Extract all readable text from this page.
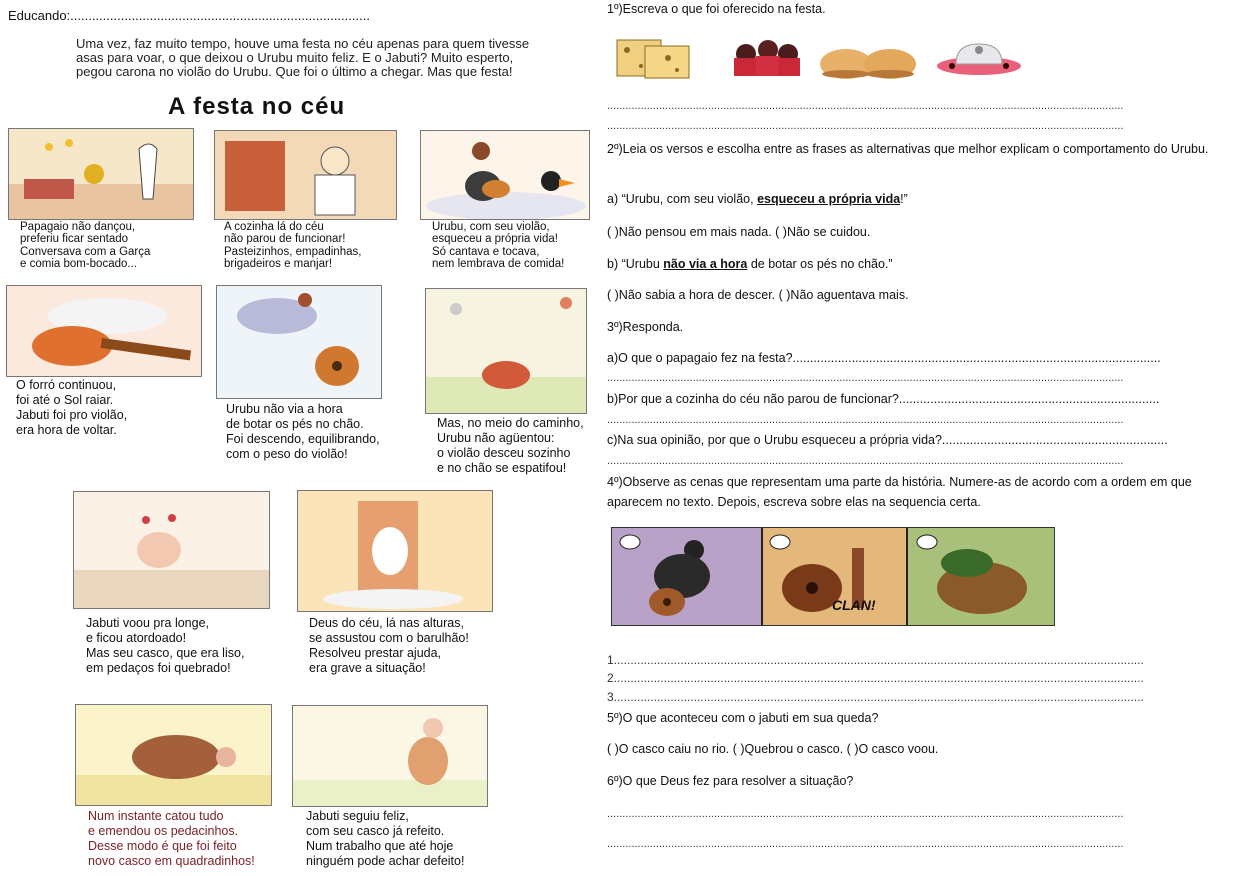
Educando:...................................................................................
Uma vez, faz muito tempo, houve uma festa no céu apenas para quem tivesse asas para voar, o que deixou o Urubu muito feliz. E o Jabuti? Muito esperto, pegou carona no violão do Urubu. Que foi o último a chegar. Mas que festa!
A festa no céu
Papagaio não dançou,
preferiu ficar sentado
Conversava com a Garça
e comia bom-bocado...
A cozinha lá do céu
não parou de funcionar!
Pasteizinhos, empadinhas,
brigadeiros e manjar!
Urubu, com seu violão,
esqueceu a própria vida!
Só cantava e tocava,
nem lembrava de comida!
O forró continuou,
foi até o Sol raiar.
Jabuti foi pro violão,
era hora de voltar.
Urubu não via a hora
de botar os pés no chão.
Foi descendo, equilibrando,
com o peso do violão!
Mas, no meio do caminho,
Urubu não agüentou:
o violão desceu sozinho
e no chão se espatifou!
Jabuti voou pra longe,
e ficou atordoado!
Mas seu casco, que era liso,
em pedaços foi quebrado!
Deus do céu, lá nas alturas,
se assustou com o barulhão!
Resolveu prestar ajuda,
era grave a situação!
Num instante catou tudo
e emendou os pedacinhos.
Desse modo é que foi feito
novo casco em quadradinhos!
Jabuti seguiu feliz,
com seu casco já refeito.
Num trabalho que até hoje
ninguém pode achar defeito!
1º)Escreva o que foi oferecido na festa.
.........................................................................................................................................................................
.........................................................................................................................................................................
2º)Leia os versos e escolha entre as frases as alternativas que melhor explicam o comportamento do Urubu.
a) “Urubu, com seu violão, esqueceu a própria vida!”
( )Não pensou em mais nada. ( )Não se cuidou.
b) “Urubu não via a hora de botar os pés no chão.”
( )Não sabia a hora de descer. ( )Não aguentava mais.
3º)Responda.
a)O que o papagaio fez na festa?..........................................................................................................
.........................................................................................................................................................................
b)Por que a cozinha do céu não parou de funcionar?...........................................................................
.........................................................................................................................................................................
c)Na sua opinião, por que o Urubu esqueceu a própria vida?.................................................................
.........................................................................................................................................................................
4º)Observe as cenas que representam uma parte da história. Numere-as de acordo com a ordem em que aparecem no texto. Depois, escreva sobre elas na sequencia certa.
CLAN!
1...............................................................................................................................................................
2...............................................................................................................................................................
3...............................................................................................................................................................
5º)O que aconteceu com o jabuti em sua queda?
( )O casco caiu no rio. ( )Quebrou o casco. ( )O casco voou.
6º)O que Deus fez para resolver a situação?
.........................................................................................................................................................................
.........................................................................................................................................................................
